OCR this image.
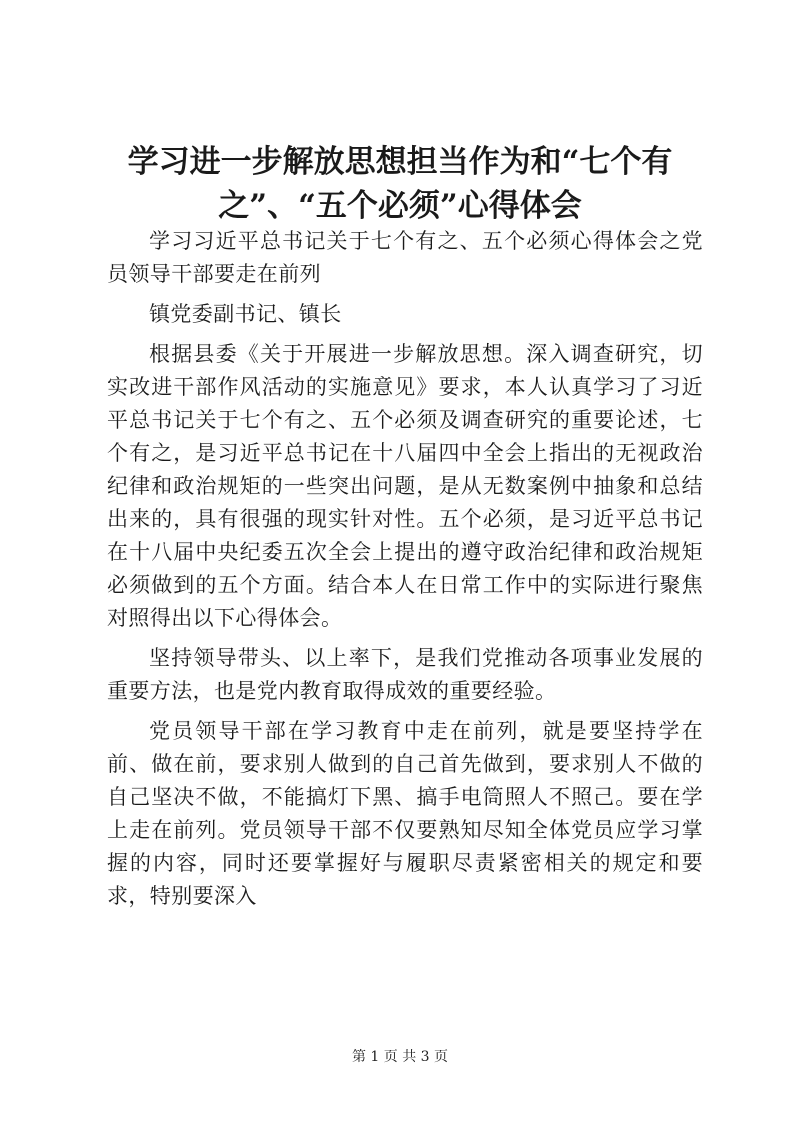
学习进一步解放思想担当作为和“七个有
之”、“五个必须”心得体会

学习习近平总书记关于七个有之、五个必须心得体会之党员领导干部要走在前列

镇党委副书记、镇长

根据县委《关于开展进一步解放思想。深入调查研究，切实改进干部作风活动的实施意见》要求，本人认真学习了习近平总书记关于七个有之、五个必须及调查研究的重要论述，七个有之，是习近平总书记在十八届四中全会上指出的无视政治纪律和政治规矩的一些突出问题，是从无数案例中抽象和总结出来的，具有很强的现实针对性。五个必须，是习近平总书记在十八届中央纪委五次全会上提出的遵守政治纪律和政治规矩必须做到的五个方面。结合本人在日常工作中的实际进行聚焦对照得出以下心得体会。

坚持领导带头、以上率下，是我们党推动各项事业发展的重要方法，也是党内教育取得成效的重要经验。

党员领导干部在学习教育中走在前列，就是要坚持学在前、做在前，要求别人做到的自己首先做到，要求别人不做的自己坚决不做，不能搞灯下黑、搞手电筒照人不照己。要在学上走在前列。党员领导干部不仅要熟知尽知全体党员应学习掌握的内容，同时还要掌握好与履职尽责紧密相关的规定和要求，特别要深入

第 1 页 共 3 页
